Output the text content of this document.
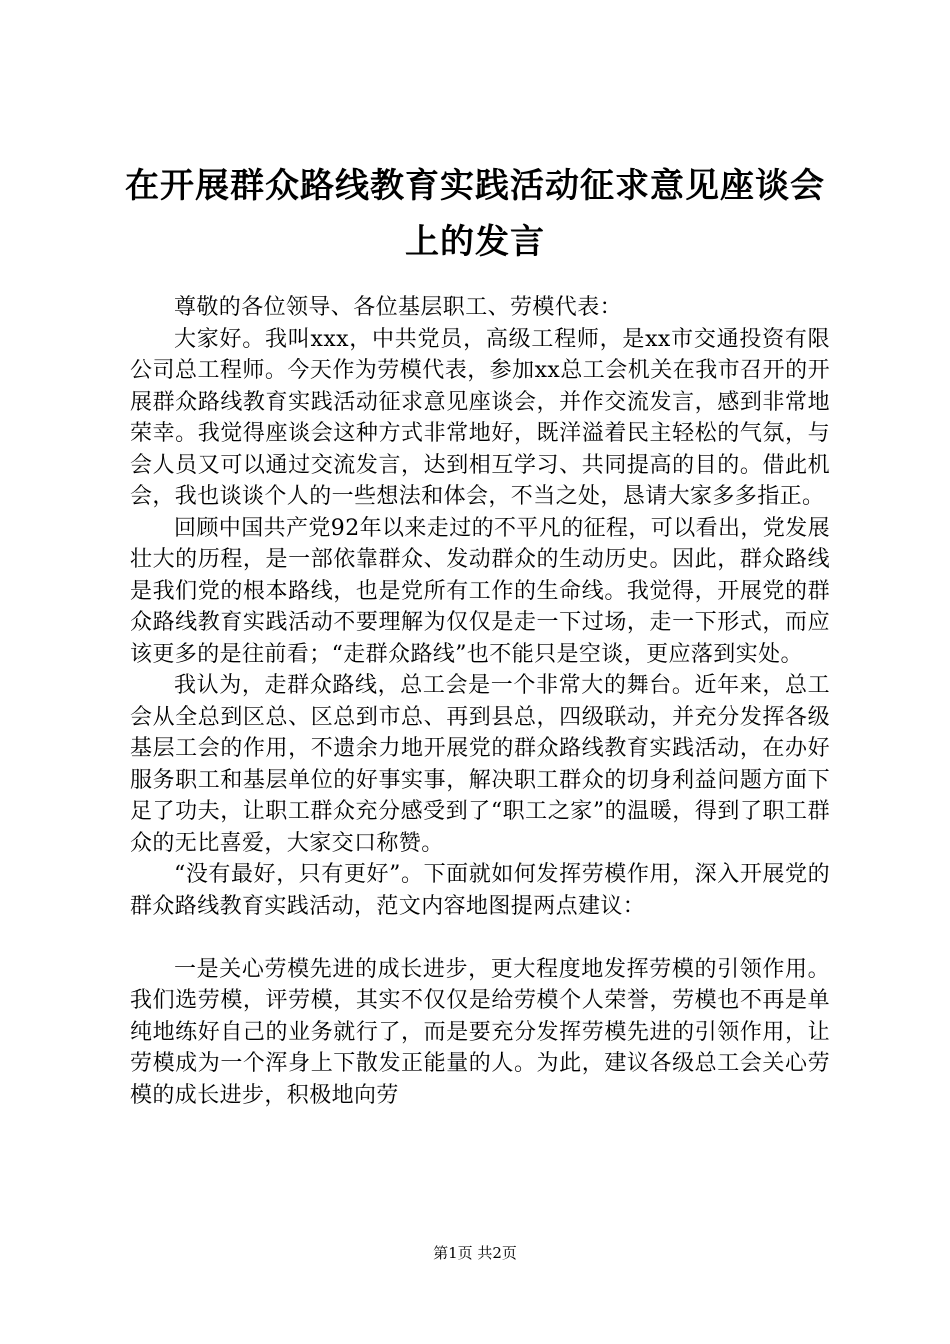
在开展群众路线教育实践活动征求意见座谈会上的发言

尊敬的各位领导、各位基层职工、劳模代表：

大家好。我叫xxx，中共党员，高级工程师，是xx市交通投资有限公司总工程师。今天作为劳模代表，参加xx总工会机关在我市召开的开展群众路线教育实践活动征求意见座谈会，并作交流发言，感到非常地荣幸。我觉得座谈会这种方式非常地好，既洋溢着民主轻松的气氛，与会人员又可以通过交流发言，达到相互学习、共同提高的目的。借此机会，我也谈谈个人的一些想法和体会，不当之处，恳请大家多多指正。

回顾中国共产党92年以来走过的不平凡的征程，可以看出，党发展壮大的历程，是一部依靠群众、发动群众的生动历史。因此，群众路线是我们党的根本路线，也是党所有工作的生命线。我觉得，开展党的群众路线教育实践活动不要理解为仅仅是走一下过场，走一下形式，而应该更多的是往前看；“走群众路线”也不能只是空谈，更应落到实处。

我认为，走群众路线，总工会是一个非常大的舞台。近年来，总工会从全总到区总、区总到市总、再到县总，四级联动，并充分发挥各级基层工会的作用，不遗余力地开展党的群众路线教育实践活动，在办好服务职工和基层单位的好事实事，解决职工群众的切身利益问题方面下足了功夫，让职工群众充分感受到了“职工之家”的温暖，得到了职工群众的无比喜爱，大家交口称赞。

“没有最好，只有更好”。下面就如何发挥劳模作用，深入开展党的群众路线教育实践活动，范文内容地图提两点建议：

一是关心劳模先进的成长进步，更大程度地发挥劳模的引领作用。我们选劳模，评劳模，其实不仅仅是给劳模个人荣誉，劳模也不再是单纯地练好自己的业务就行了，而是要充分发挥劳模先进的引领作用，让劳模成为一个浑身上下散发正能量的人。为此，建议各级总工会关心劳模的成长进步，积极地向劳

第1页 共2页
